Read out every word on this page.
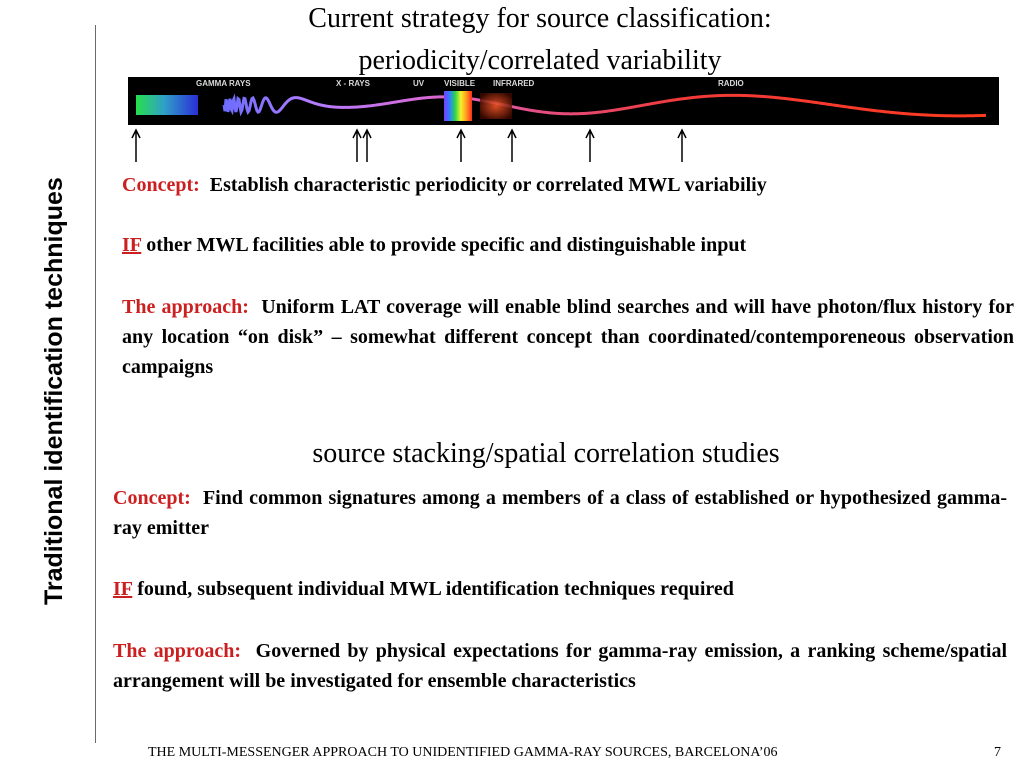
Traditional identification techniques
Current strategy for source classification:
periodicity/correlated variability
GAMMA RAYS	X - RAYS	UV VISIBLE INFRARED	RADIO
Concept: Establish characteristic periodicity or correlated MWL variabiliy
IF other MWL facilities able to provide specific and distinguishable input
The approach: Uniform LAT coverage will enable blind searches and will have photon/flux history for any location “on disk” – somewhat different concept than coordinated/contemporeneous observation campaigns
source stacking/spatial correlation studies
Concept: Find common signatures among a members of a class of established or hypothesized gamma-ray emitter
IF found, subsequent individual MWL identification techniques required
The approach: Governed by physical expectations for gamma-ray emission, a ranking scheme/spatial arrangement will be investigated for ensemble characteristics
THE MULTI-MESSENGER APPROACH TO UNIDENTIFIED GAMMA-RAY SOURCES, BARCELONA’06	7
